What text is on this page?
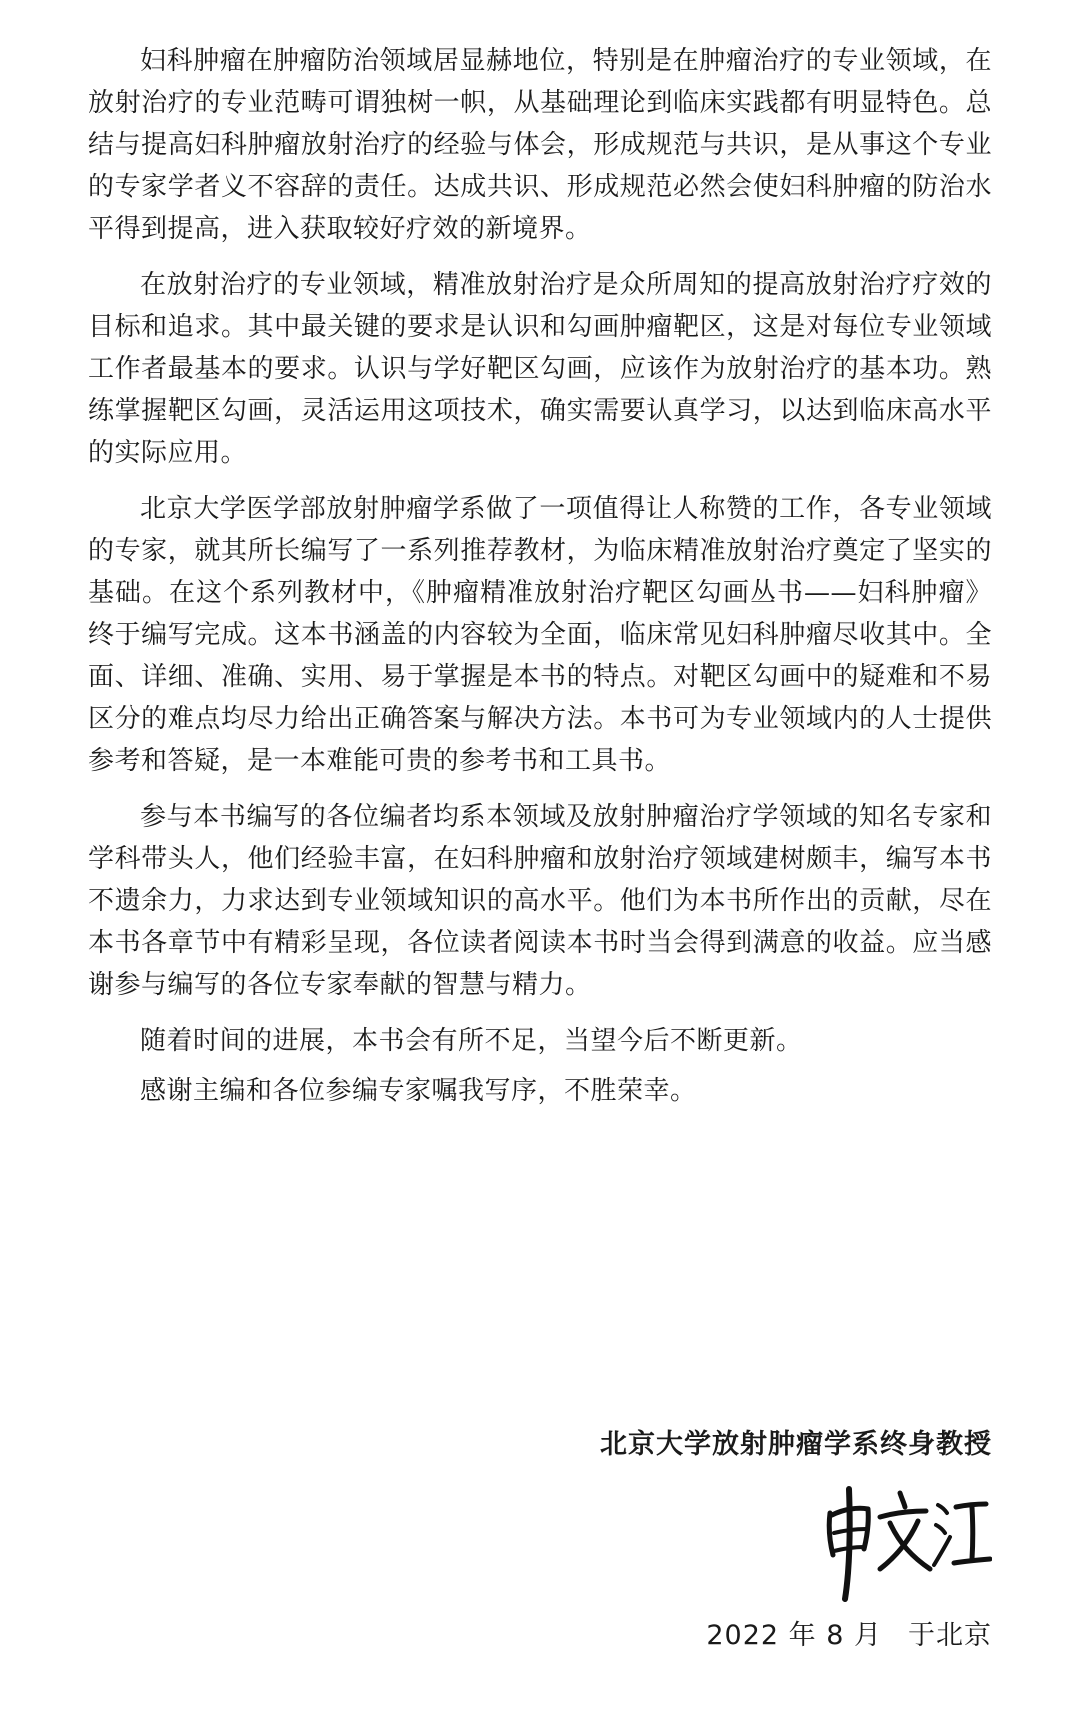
妇科肿瘤在肿瘤防治领域居显赫地位，特别是在肿瘤治疗的专业领域，在放射治疗的专业范畴可谓独树一帜，从基础理论到临床实践都有明显特色。总结与提高妇科肿瘤放射治疗的经验与体会，形成规范与共识，是从事这个专业的专家学者义不容辞的责任。达成共识、形成规范必然会使妇科肿瘤的防治水平得到提高，进入获取较好疗效的新境界。

在放射治疗的专业领域，精准放射治疗是众所周知的提高放射治疗疗效的目标和追求。其中最关键的要求是认识和勾画肿瘤靶区，这是对每位专业领域工作者最基本的要求。认识与学好靶区勾画，应该作为放射治疗的基本功。熟练掌握靶区勾画，灵活运用这项技术，确实需要认真学习，以达到临床高水平的实际应用。

北京大学医学部放射肿瘤学系做了一项值得让人称赞的工作，各专业领域的专家，就其所长编写了一系列推荐教材，为临床精准放射治疗奠定了坚实的基础。在这个系列教材中，《肿瘤精准放射治疗靶区勾画丛书——妇科肿瘤》终于编写完成。这本书涵盖的内容较为全面，临床常见妇科肿瘤尽收其中。全面、详细、准确、实用、易于掌握是本书的特点。对靶区勾画中的疑难和不易区分的难点均尽力给出正确答案与解决方法。本书可为专业领域内的人士提供参考和答疑，是一本难能可贵的参考书和工具书。

参与本书编写的各位编者均系本领域及放射肿瘤治疗学领域的知名专家和学科带头人，他们经验丰富，在妇科肿瘤和放射治疗领域建树颇丰，编写本书不遗余力，力求达到专业领域知识的高水平。他们为本书所作出的贡献，尽在本书各章节中有精彩呈现，各位读者阅读本书时当会得到满意的收益。应当感谢参与编写的各位专家奉献的智慧与精力。

随着时间的进展，本书会有所不足，当望今后不断更新。

感谢主编和各位参编专家嘱我写序，不胜荣幸。

北京大学放射肿瘤学系终身教授
2022 年 8 月 于北京
